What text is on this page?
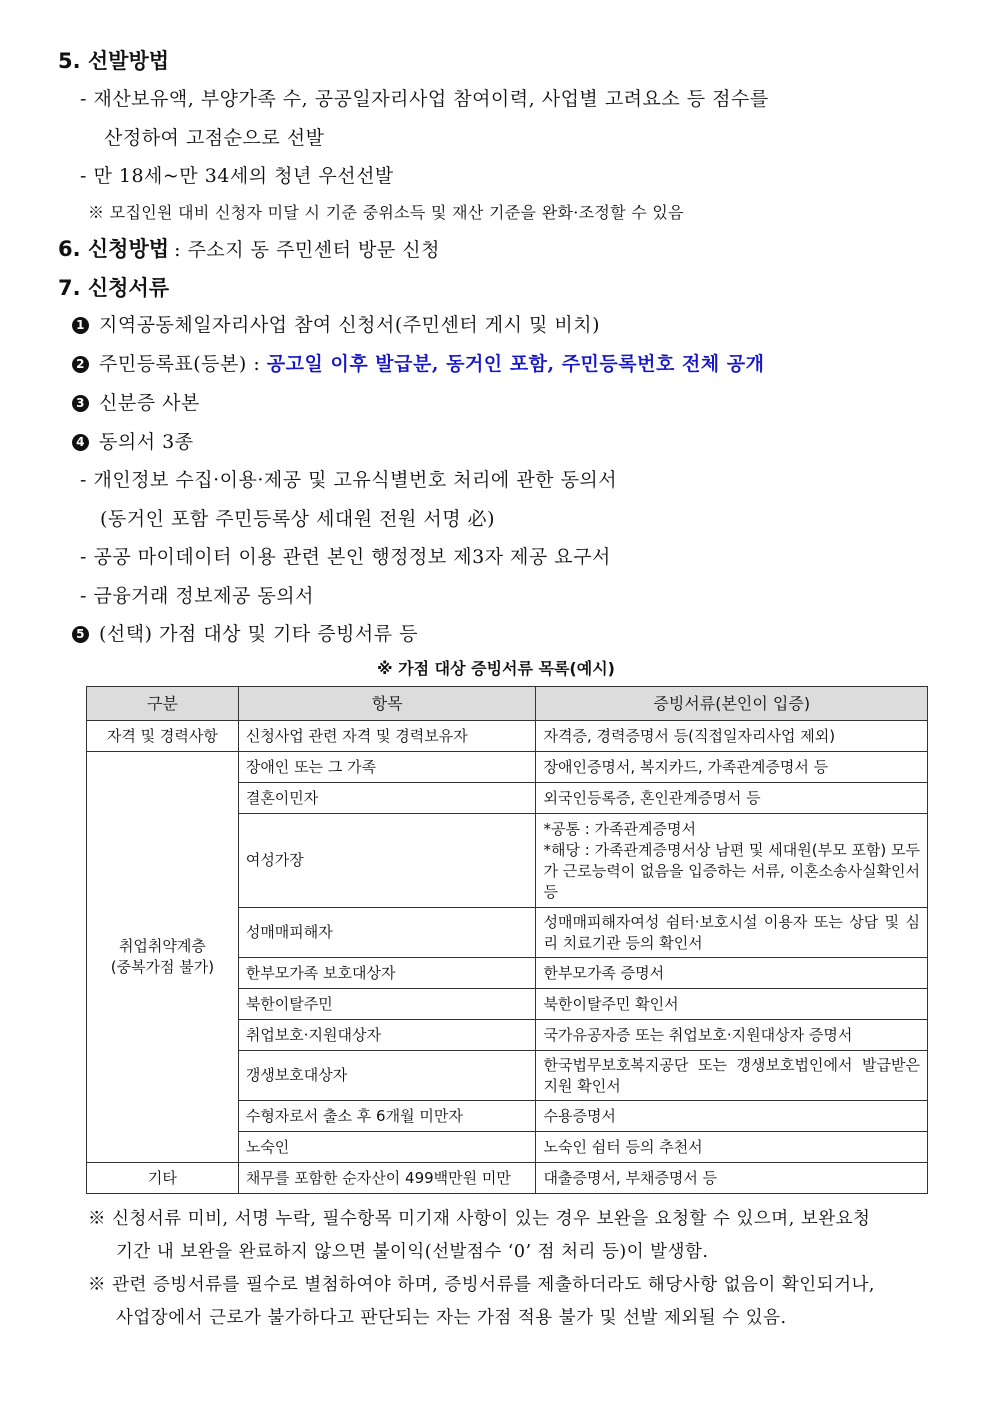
5. 선발방법
- 재산보유액, 부양가족 수, 공공일자리사업 참여이력, 사업별 고려요소 등 점수를
산정하여 고점순으로 선발
- 만 18세~만 34세의 청년 우선선발
※ 모집인원 대비 신청자 미달 시 기준 중위소득 및 재산 기준을 완화·조정할 수 있음
6. 신청방법 : 주소지 동 주민센터 방문 신청
7. 신청서류
1 지역공동체일자리사업 참여 신청서(주민센터 게시 및 비치)
2 주민등록표(등본) : 공고일 이후 발급분, 동거인 포함, 주민등록번호 전체 공개
3 신분증 사본
4 동의서 3종
- 개인정보 수집·이용·제공 및 고유식별번호 처리에 관한 동의서
(동거인 포함 주민등록상 세대원 전원 서명 必)
- 공공 마이데이터 이용 관련 본인 행정정보 제3자 제공 요구서
- 금융거래 정보제공 동의서
5 (선택) 가점 대상 및 기타 증빙서류 등
※ 가점 대상 증빙서류 목록(예시)
구분	항목	증빙서류(본인이 입증)
자격 및 경력사항	신청사업 관련 자격 및 경력보유자	자격증, 경력증명서 등(직접일자리사업 제외)
취업취약계층
(중복가점 불가)	장애인 또는 그 가족	장애인증명서, 복지카드, 가족관계증명서 등
	결혼이민자	외국인등록증, 혼인관계증명서 등
	여성가장	*공통 : 가족관계증명서
*해당 : 가족관계증명서상 남편 및 세대원(부모 포함) 모두가 근로능력이 없음을 입증하는 서류, 이혼소송사실확인서 등

	성매매피해자	성매매피해자여성 쉼터·보호시설 이용자 또는 상담 및 심리 치료기관 등의 확인서
	한부모가족 보호대상자	한부모가족 증명서
	북한이탈주민	북한이탈주민 확인서
	취업보호·지원대상자	국가유공자증 또는 취업보호·지원대상자 증명서
	갱생보호대상자	한국법무보호복지공단 또는 갱생보호법인에서 발급받은 지원 확인서
	수형자로서 출소 후 6개월 미만자	수용증명서
	노숙인	노숙인 쉼터 등의 추천서
기타	채무를 포함한 순자산이 499백만원 미만	대출증명서, 부채증명서 등
※ 신청서류 미비, 서명 누락, 필수항목 미기재 사항이 있는 경우 보완을 요청할 수 있으며, 보완요청
기간 내 보완을 완료하지 않으면 불이익(선발점수 ‘0’ 점 처리 등)이 발생함.
※ 관련 증빙서류를 필수로 별첨하여야 하며, 증빙서류를 제출하더라도 해당사항 없음이 확인되거나,
사업장에서 근로가 불가하다고 판단되는 자는 가점 적용 불가 및 선발 제외될 수 있음.
